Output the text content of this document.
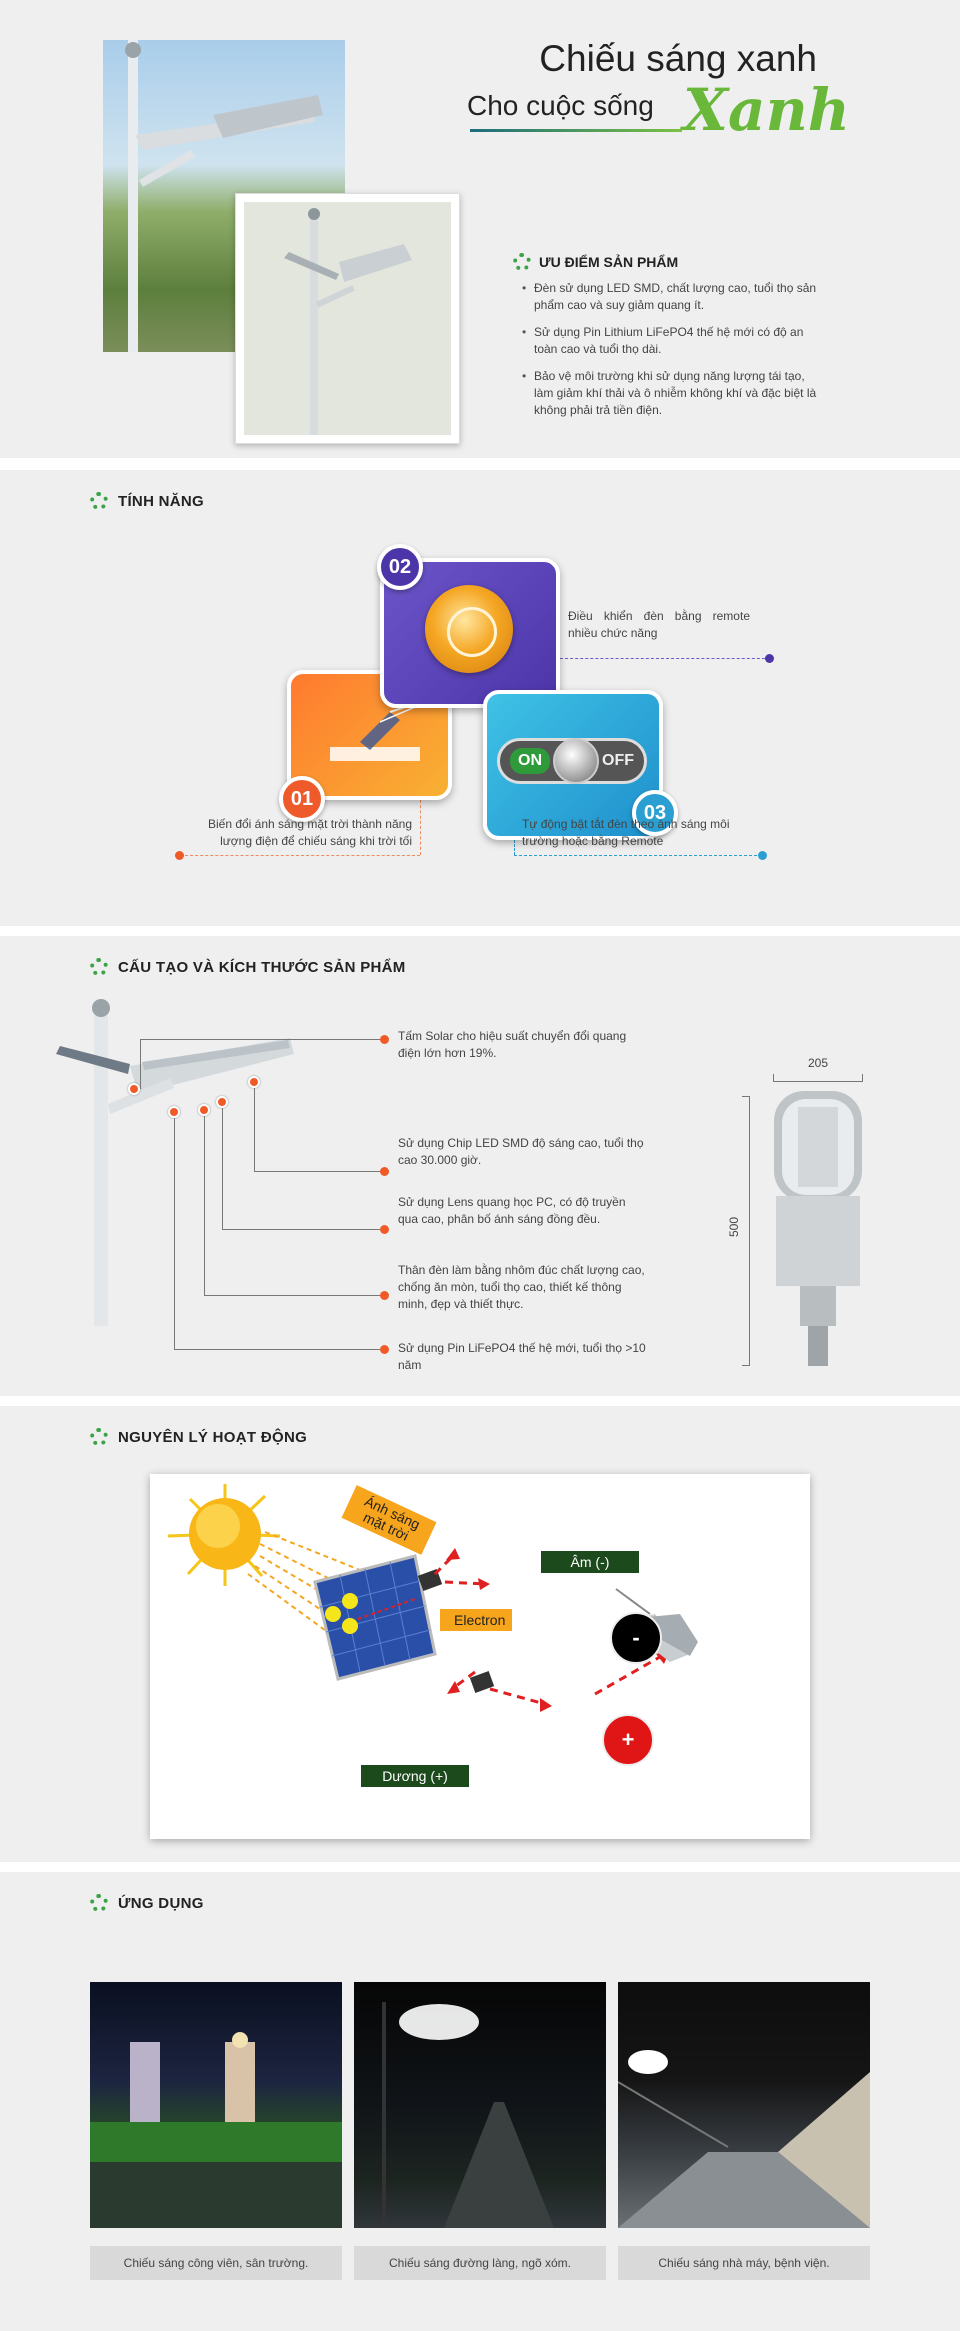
Chiếu sáng xanh
Cho cuộc sống Xanh
ƯU ĐIỂM SẢN PHẨM
• Đèn sử dụng LED SMD, chất lượng cao, tuổi thọ sản phẩm cao và suy giảm quang ít.
• Sử dụng Pin Lithium LiFePO4 thế hệ mới có độ an toàn cao và tuổi thọ dài.
• Bảo vệ môi trường khi sử dụng năng lượng tái tạo, làm giảm khí thải và ô nhiễm không khí và đặc biệt là không phải trả tiền điện.
TÍNH NĂNG
ON	OFF
02
01
03
Điều khiển đèn bằng remote nhiều chức năng
Biến đổi ánh sáng mặt trời thành năng lượng điện để chiếu sáng khi trời tối
Tự động bật tắt đèn theo ánh sáng môi trường hoặc bằng Remote
CẤU TẠO VÀ KÍCH THƯỚC SẢN PHẨM
Tấm Solar cho hiệu suất chuyển đổi quang điện lớn hơn 19%.
Sử dụng Chip LED SMD độ sáng cao, tuổi thọ cao 30.000 giờ.
Sử dụng Lens quang học PC, có độ truyền qua cao, phân bố ánh sáng đồng đều.
Thân đèn làm bằng nhôm đúc chất lượng cao, chống ăn mòn, tuổi thọ cao, thiết kế thông minh, đẹp và thiết thực.
Sử dụng Pin LiFePO4 thế hệ mới, tuổi thọ >10 năm
205
500
NGUYÊN LÝ HOẠT ĐỘNG
Ánh sáng mặt trời
Electron
Âm (-)
Dương (+)
-
+
ỨNG DỤNG
Chiếu sáng công viên, sân trường.	Chiếu sáng đường làng, ngõ xóm.	Chiếu sáng nhà máy, bệnh viện.
